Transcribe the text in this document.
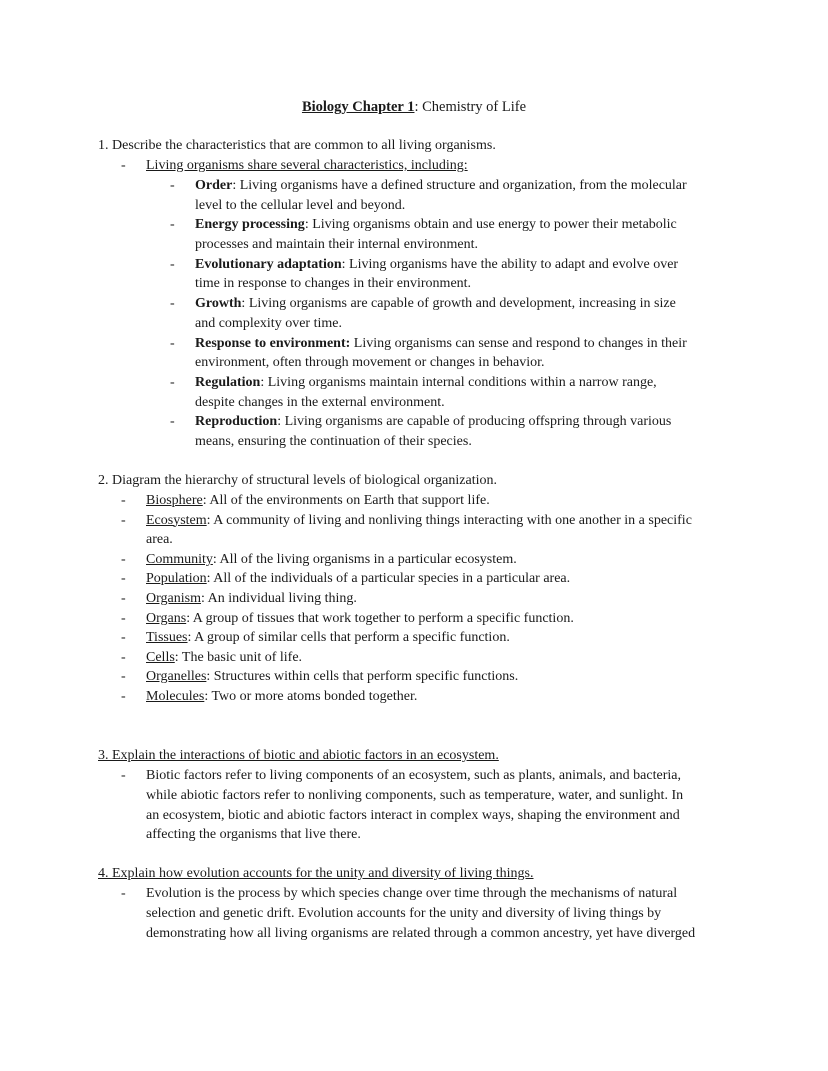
Biology Chapter 1: Chemistry of Life
1. Describe the characteristics that are common to all living organisms.
- Living organisms share several characteristics, including:
- Order: Living organisms have a defined structure and organization, from the molecular
level to the cellular level and beyond.
- Energy processing: Living organisms obtain and use energy to power their metabolic
processes and maintain their internal environment.
- Evolutionary adaptation: Living organisms have the ability to adapt and evolve over
time in response to changes in their environment.
- Growth: Living organisms are capable of growth and development, increasing in size
and complexity over time.
- Response to environment: Living organisms can sense and respond to changes in their
environment, often through movement or changes in behavior.
- Regulation: Living organisms maintain internal conditions within a narrow range,
despite changes in the external environment.
- Reproduction: Living organisms are capable of producing offspring through various
means, ensuring the continuation of their species.
2. Diagram the hierarchy of structural levels of biological organization.
- Biosphere: All of the environments on Earth that support life.
- Ecosystem: A community of living and nonliving things interacting with one another in a specific
area.
- Community: All of the living organisms in a particular ecosystem.
- Population: All of the individuals of a particular species in a particular area.
- Organism: An individual living thing.
- Organs: A group of tissues that work together to perform a specific function.
- Tissues: A group of similar cells that perform a specific function.
- Cells: The basic unit of life.
- Organelles: Structures within cells that perform specific functions.
- Molecules: Two or more atoms bonded together.
3. Explain the interactions of biotic and abiotic factors in an ecosystem.
- Biotic factors refer to living components of an ecosystem, such as plants, animals, and bacteria,
while abiotic factors refer to nonliving components, such as temperature, water, and sunlight. In
an ecosystem, biotic and abiotic factors interact in complex ways, shaping the environment and
affecting the organisms that live there.
4. Explain how evolution accounts for the unity and diversity of living things.
- Evolution is the process by which species change over time through the mechanisms of natural
selection and genetic drift. Evolution accounts for the unity and diversity of living things by
demonstrating how all living organisms are related through a common ancestry, yet have diverged
